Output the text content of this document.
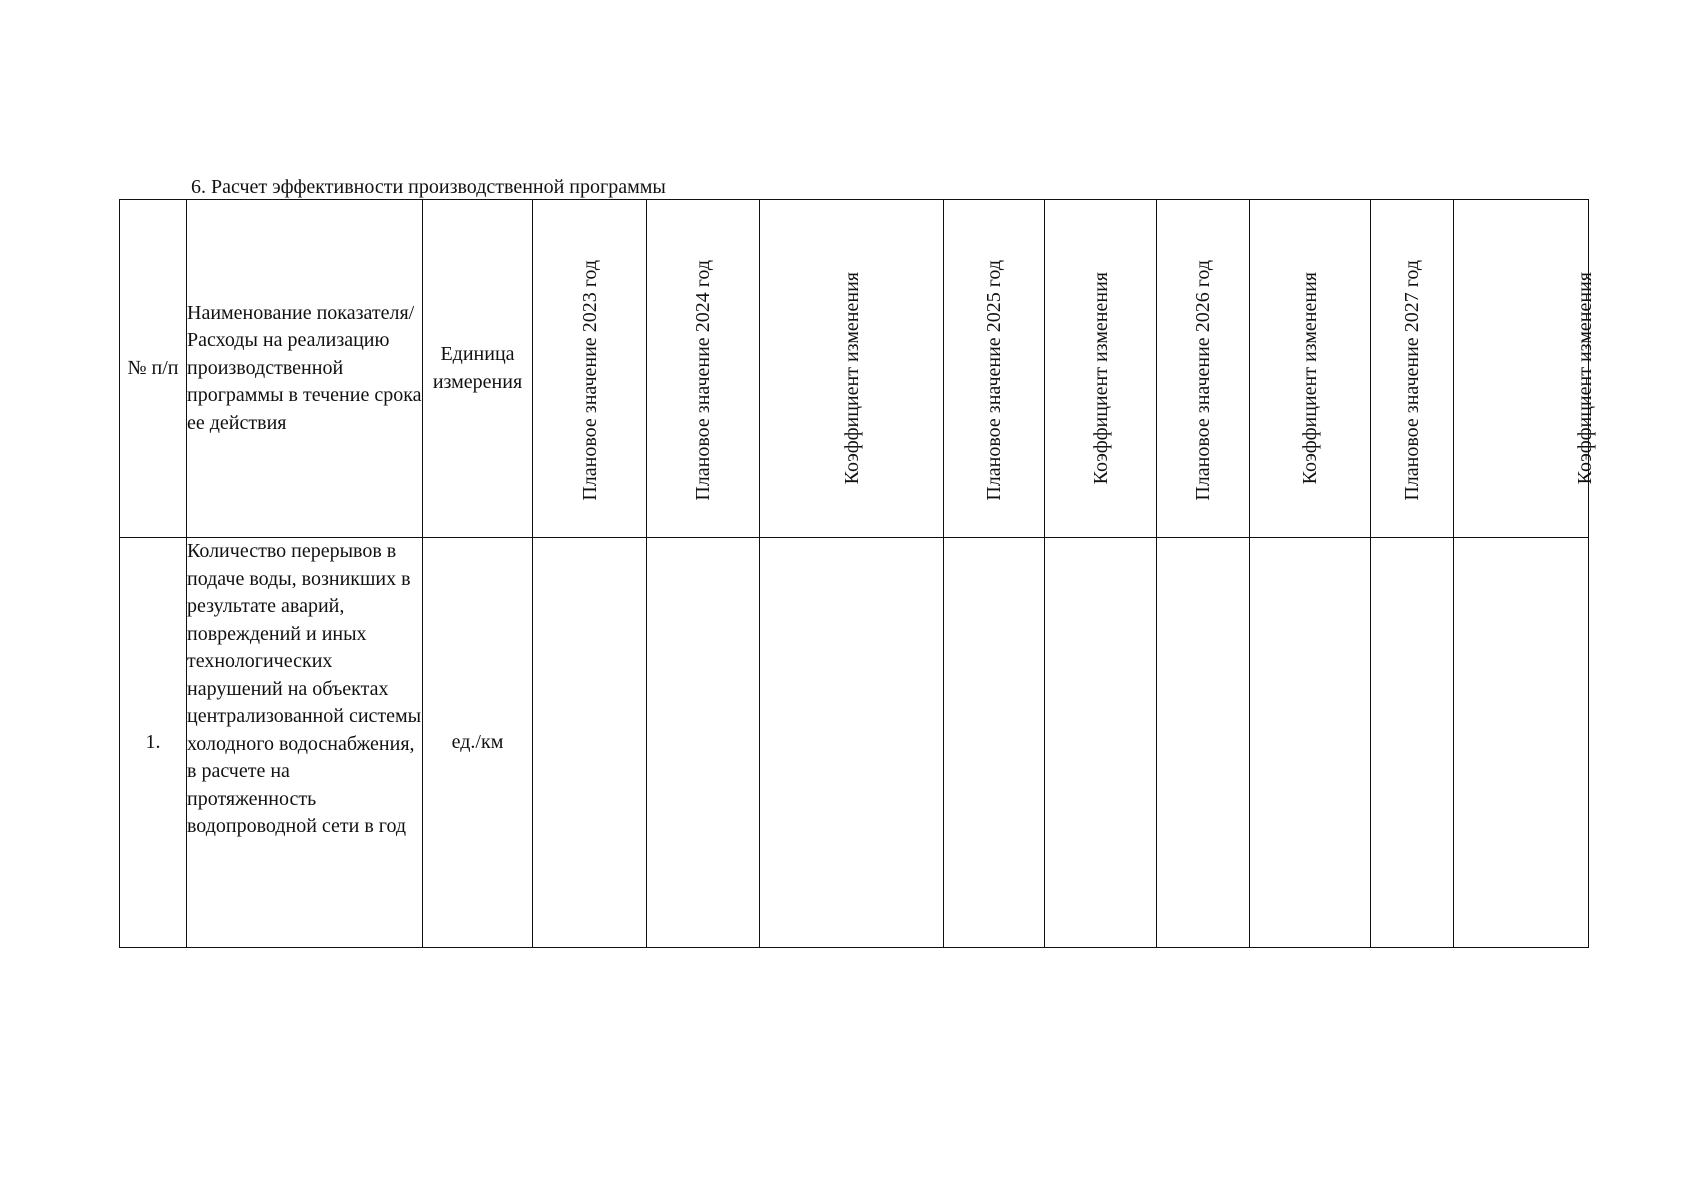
6. Расчет эффективности производственной программы
№ п/п	Наименование показателя/Расходы на реализацию производственной программы в течение срока ее действия	Единица измерения	Плановое значение 2023 год	Плановое значение 2024 год	Коэффициент изменения	Плановое значение 2025 год	Коэффициент изменения	Плановое значение 2026 год	Коэффициент изменения	Плановое значение 2027 год	Коэффициент изменения

1.	Количество перерывов в подаче воды, возникших в результате аварий, повреждений и иных технологических нарушений на объектах централизованной системы холодного водоснабжения, в расчете на протяженность водопроводной сети в год	ед./км									
